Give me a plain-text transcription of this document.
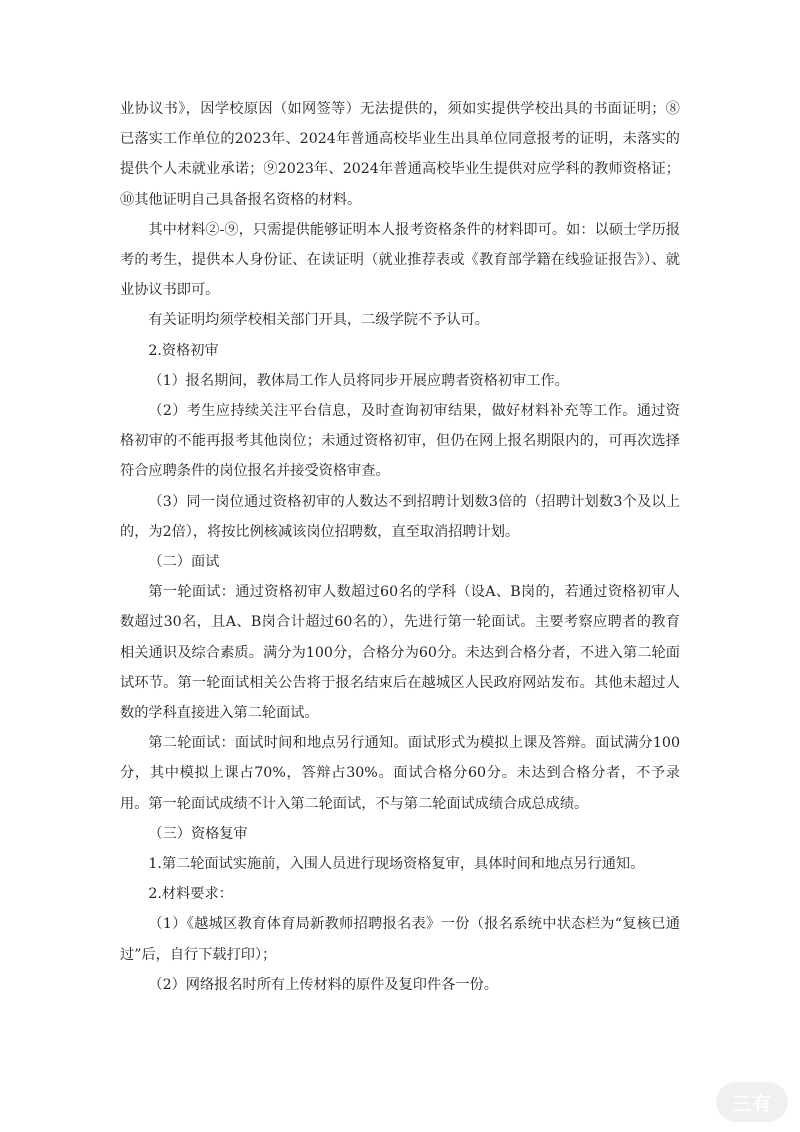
业协议书》，因学校原因（如网签等）无法提供的，须如实提供学校出具的书面证明；⑧已落实工作单位的2023年、2024年普通高校毕业生出具单位同意报考的证明，未落实的提供个人未就业承诺；⑨2023年、2024年普通高校毕业生提供对应学科的教师资格证；⑩其他证明自己具备报名资格的材料。

其中材料②-⑨，只需提供能够证明本人报考资格条件的材料即可。如：以硕士学历报考的考生，提供本人身份证、在读证明（就业推荐表或《教育部学籍在线验证报告》）、就业协议书即可。

有关证明均须学校相关部门开具，二级学院不予认可。

2.资格初审

（1）报名期间，教体局工作人员将同步开展应聘者资格初审工作。

（2）考生应持续关注平台信息，及时查询初审结果，做好材料补充等工作。通过资格初审的不能再报考其他岗位；未通过资格初审，但仍在网上报名期限内的，可再次选择符合应聘条件的岗位报名并接受资格审查。

（3）同一岗位通过资格初审的人数达不到招聘计划数3倍的（招聘计划数3个及以上的，为2倍），将按比例核减该岗位招聘数，直至取消招聘计划。

（二）面试

第一轮面试：通过资格初审人数超过60名的学科（设A、B岗的，若通过资格初审人数超过30名，且A、B岗合计超过60名的），先进行第一轮面试。主要考察应聘者的教育相关通识及综合素质。满分为100分，合格分为60分。未达到合格分者，不进入第二轮面试环节。第一轮面试相关公告将于报名结束后在越城区人民政府网站发布。其他未超过人数的学科直接进入第二轮面试。

第二轮面试：面试时间和地点另行通知。面试形式为模拟上课及答辩。面试满分100分，其中模拟上课占70%，答辩占30%。面试合格分60分。未达到合格分者，不予录用。第一轮面试成绩不计入第二轮面试，不与第二轮面试成绩合成总成绩。

（三）资格复审

1.第二轮面试实施前，入围人员进行现场资格复审，具体时间和地点另行通知。

2.材料要求：

（1）《越城区教育体育局新教师招聘报名表》一份（报名系统中状态栏为“复核已通过”后，自行下载打印）；

（2）网络报名时所有上传材料的原件及复印件各一份。

三有
